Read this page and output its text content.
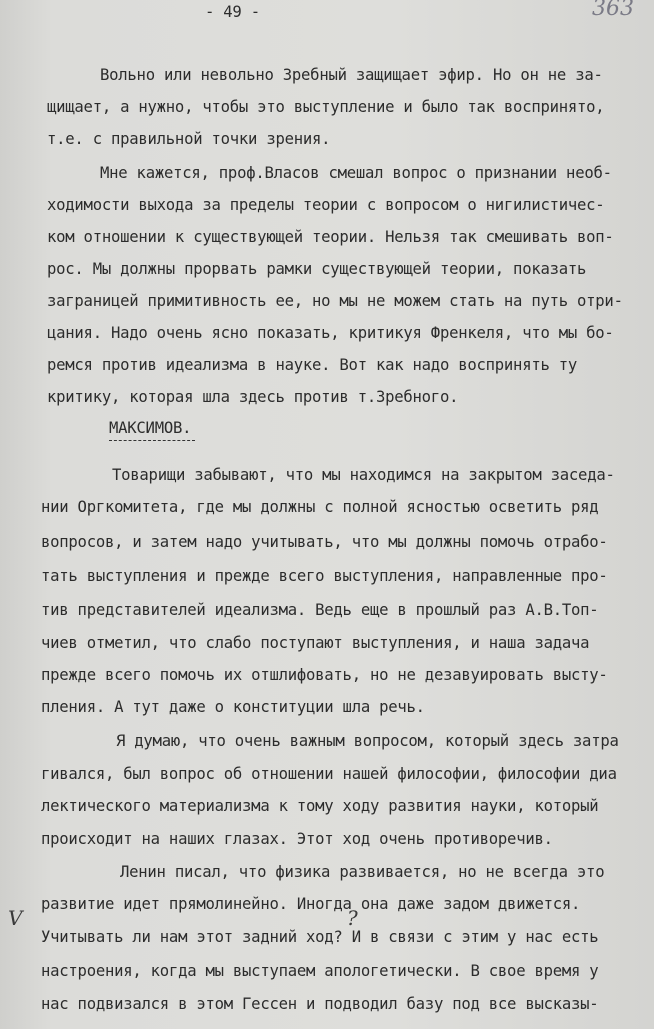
- 49 -	363
Вольно или невольно Зребный защищает эфир. Но он не за-
щищает, а нужно, чтобы это выступление и было так воспринято,
т.е. с правильной точки зрения.
Мне кажется, проф.Власов смешал вопрос о признании необ-
ходимости выхода за пределы теории с вопросом о нигилистичес-
ком отношении к существующей теории. Нельзя так смешивать воп-
рос. Мы должны прорвать рамки существующей теории, показать
заграницей примитивность ее, но мы не можем стать на путь отри-
цания. Надо очень ясно показать, критикуя Френкеля, что мы бо-
ремся против идеализма в науке. Вот как надо воспринять ту
критику, которая шла здесь против т.Зребного.
МАКСИМОВ.
Товарищи забывают, что мы находимся на закрытом заседа-
нии Оргкомитета, где мы должны с полной ясностью осветить ряд
вопросов, и затем надо учитывать, что мы должны помочь отрабо-
тать выступления и прежде всего выступления, направленные про-
тив представителей идеализма. Ведь еще в прошлый раз А.В.Топ-
чиев отметил, что слабо поступают выступления, и наша задача
прежде всего помочь их отшлифовать, но не дезавуировать высту-
пления. А тут даже о конституции шла речь.
Я думаю, что очень важным вопросом, который здесь затра
гивался, был вопрос об отношении нашей философии, философии диа
лектического материализма к тому ходу развития науки, который
происходит на наших глазах. Этот ход очень противоречив.
Ленин писал, что физика развивается, но не всегда это
развитие идет прямолинейно. Иногда она даже задом движется.
Учитывать ли нам этот задний ход? И в связи с этим у нас есть
настроения, когда мы выступаем апологетически. В свое время у
нас подвизался в этом Гессен и подводил базу под все высказы-
V	?
